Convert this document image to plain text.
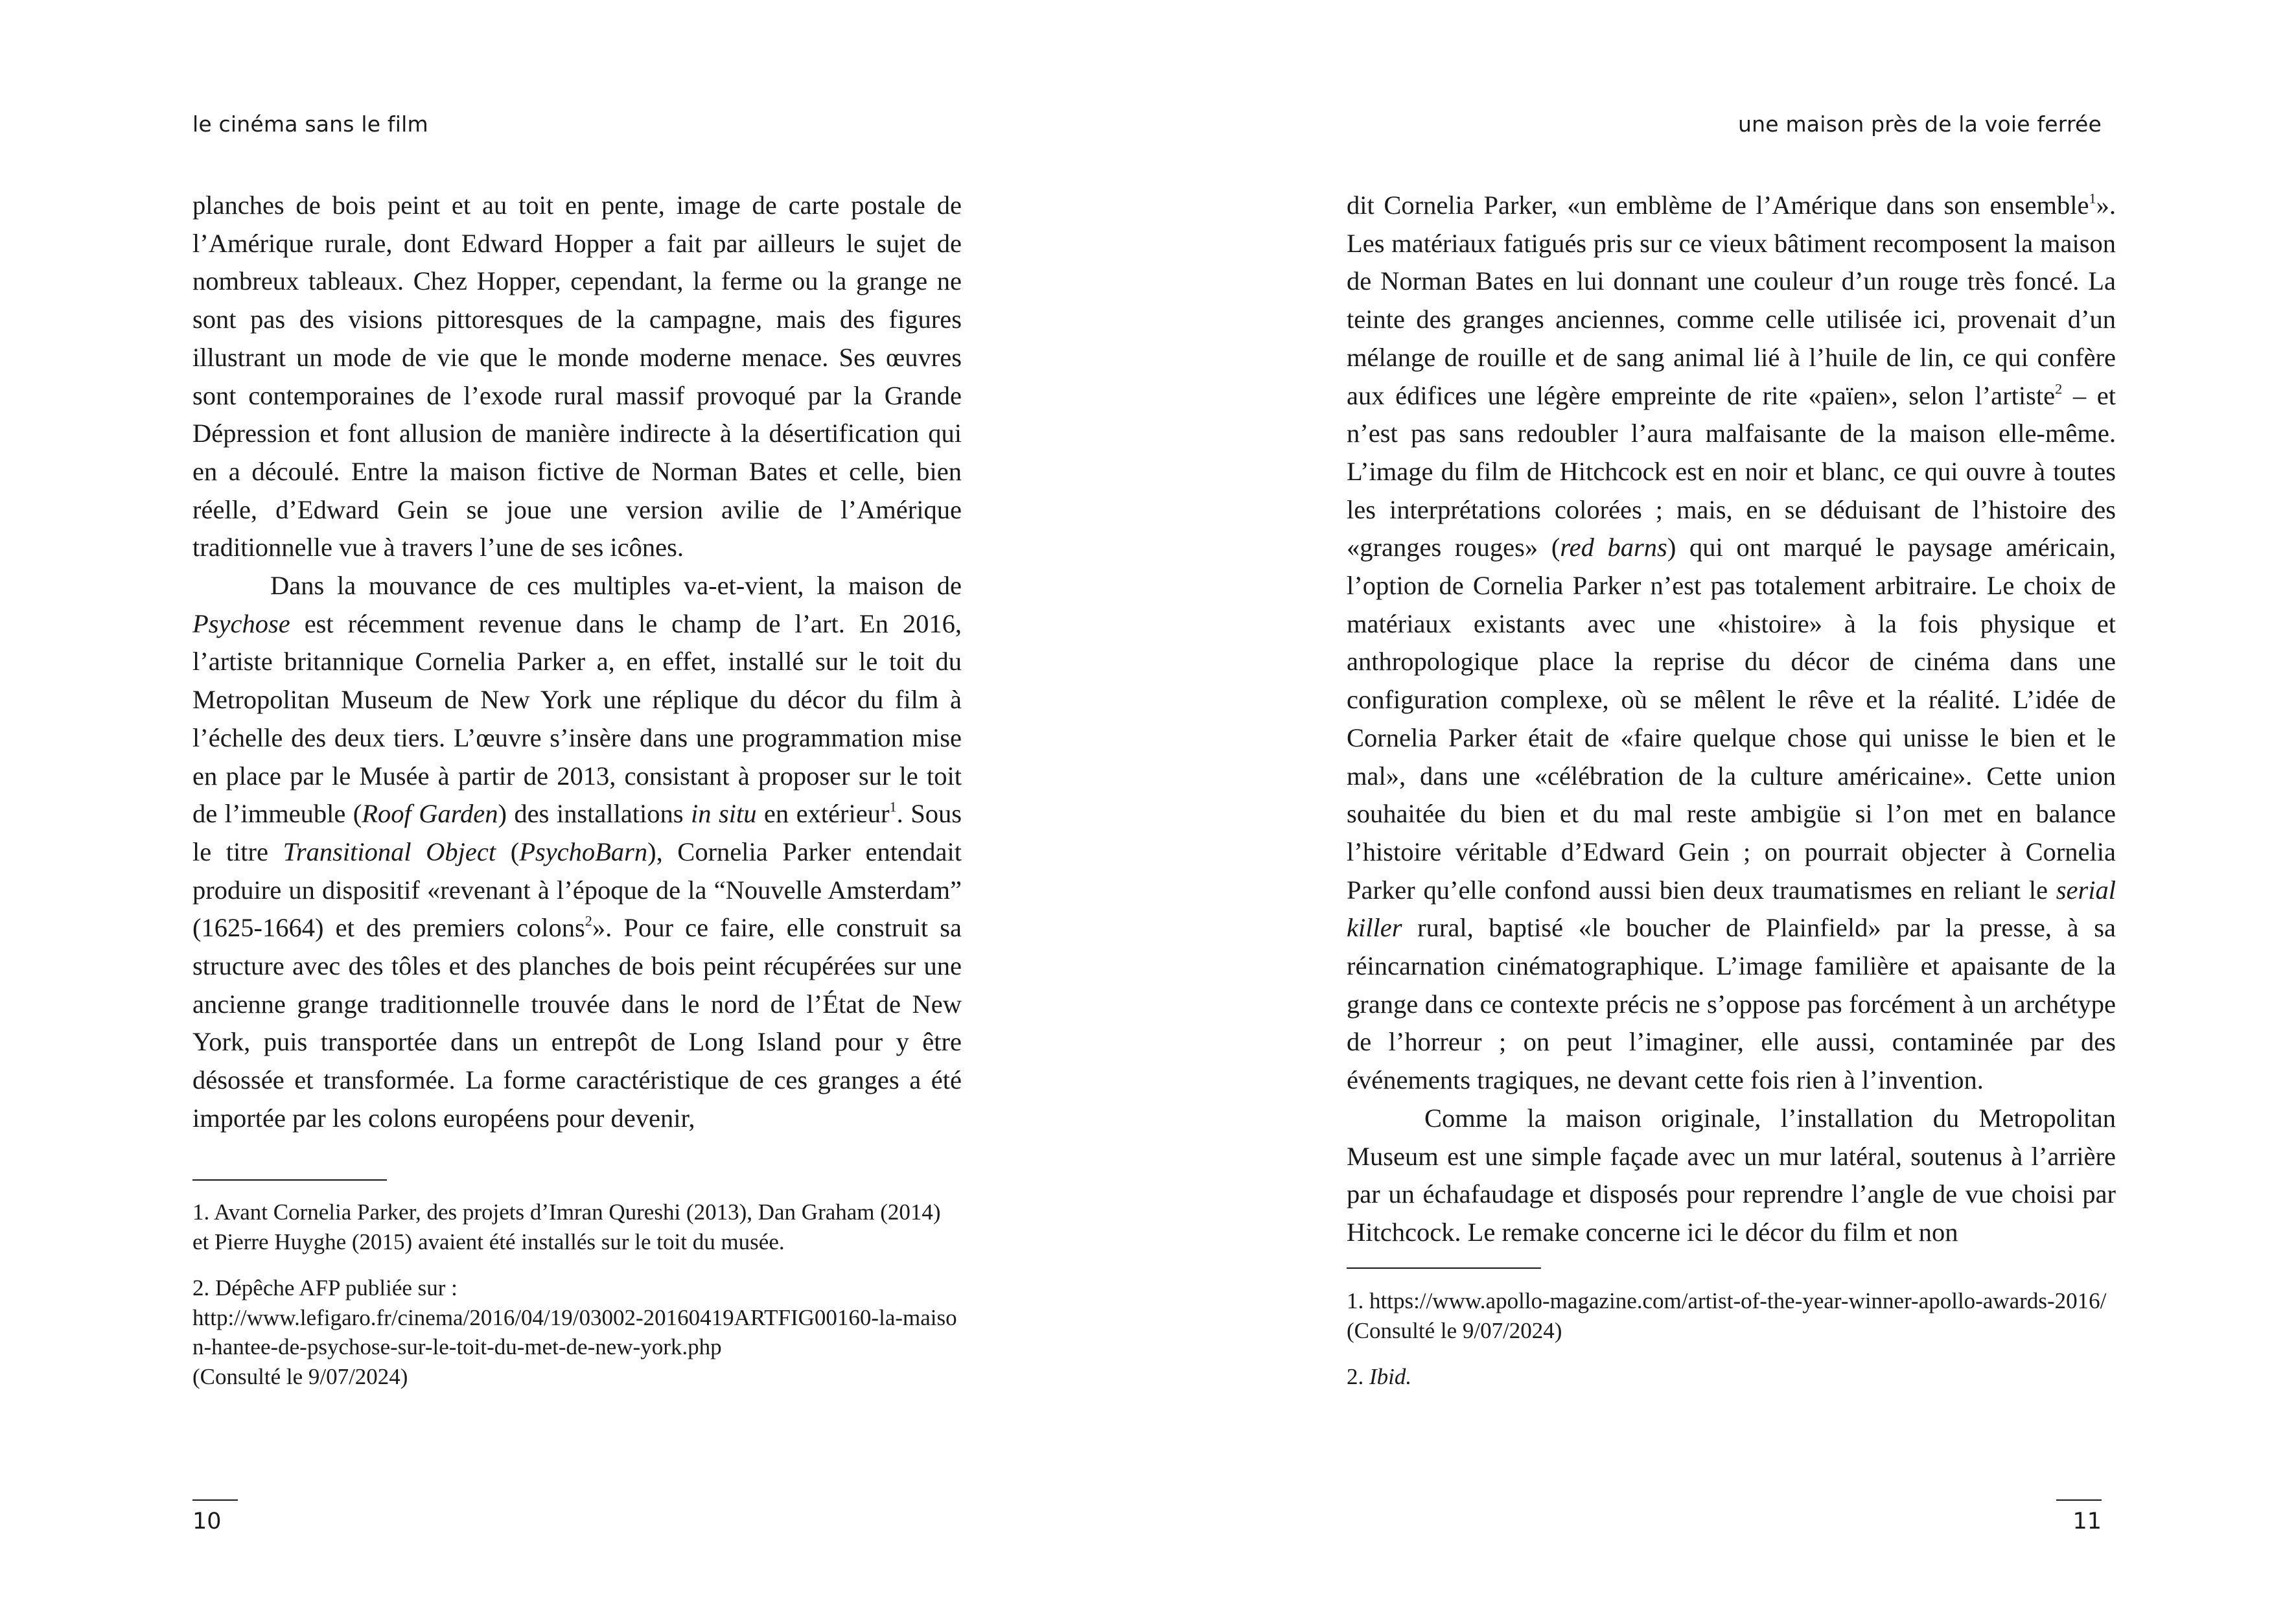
le cinéma sans le film

planches de bois peint et au toit en pente, image de carte postale de l’Amérique rurale, dont Edward Hopper a fait par ailleurs le sujet de nombreux tableaux. Chez Hopper, cependant, la ferme ou la grange ne sont pas des visions pittoresques de la campagne, mais des figures illustrant un mode de vie que le monde moderne menace. Ses œuvres sont contemporaines de l’exode rural massif provoqué par la Grande Dépression et font allusion de manière indirecte à la désertification qui en a découlé. Entre la maison fictive de Norman Bates et celle, bien réelle, d’Edward Gein se joue une version avilie de l’Amérique traditionnelle vue à travers l’une de ses icônes.

Dans la mouvance de ces multiples va-et-vient, la maison de Psychose est récemment revenue dans le champ de l’art. En 2016, l’artiste britannique Cornelia Parker a, en effet, installé sur le toit du Metropolitan Museum de New York une réplique du décor du film à l’échelle des deux tiers. L’œuvre s’insère dans une programmation mise en place par le Musée à partir de 2013, consistant à proposer sur le toit de l’immeuble (Roof Garden) des installations in situ en extérieur$^1$. Sous le titre Transitional Object (PsychoBarn), Cornelia Parker entendait produire un dispositif «revenant à l’époque de la “Nouvelle Amsterdam” (1625-1664) et des premiers colons$^2$». Pour ce faire, elle construit sa structure avec des tôles et des planches de bois peint récupérées sur une ancienne grange traditionnelle trouvée dans le nord de l’État de New York, puis transportée dans un entrepôt de Long Island pour y être désossée et transformée. La forme caractéristique de ces granges a été importée par les colons européens pour devenir,

1. Avant Cornelia Parker, des projets d’Imran Qureshi (2013), Dan Graham (2014) et Pierre Huyghe (2015) avaient été installés sur le toit du musée.

2. Dépêche AFP publiée sur :
http://www.lefigaro.fr/cinema/2016/04/19/03002-20160419ARTFIG00160-la-maison-hantee-de-psychose-sur-le-toit-du-met-de-new-york.php
(Consulté le 9/07/2024)

10
une maison près de la voie ferrée

dit Cornelia Parker, «un emblème de l’Amérique dans son ensemble$^1$». Les matériaux fatigués pris sur ce vieux bâtiment recomposent la maison de Norman Bates en lui donnant une couleur d’un rouge très foncé. La teinte des granges anciennes, comme celle utilisée ici, provenait d’un mélange de rouille et de sang animal lié à l’huile de lin, ce qui confère aux édifices une légère empreinte de rite «païen», selon l’artiste$^2$ – et n’est pas sans redoubler l’aura malfaisante de la maison elle-même. L’image du film de Hitchcock est en noir et blanc, ce qui ouvre à toutes les interprétations colorées ; mais, en se déduisant de l’histoire des «granges rouges» (red barns) qui ont marqué le paysage américain, l’option de Cornelia Parker n’est pas totalement arbitraire. Le choix de matériaux existants avec une «histoire» à la fois physique et anthropologique place la reprise du décor de cinéma dans une configuration complexe, où se mêlent le rêve et la réalité. L’idée de Cornelia Parker était de «faire quelque chose qui unisse le bien et le mal», dans une «célébration de la culture américaine». Cette union souhaitée du bien et du mal reste ambigüe si l’on met en balance l’histoire véritable d’Edward Gein ; on pourrait objecter à Cornelia Parker qu’elle confond aussi bien deux traumatismes en reliant le serial killer rural, baptisé «le boucher de Plainfield» par la presse, à sa réincarnation cinématographique. L’image familière et apaisante de la grange dans ce contexte précis ne s’oppose pas forcément à un archétype de l’horreur ; on peut l’imaginer, elle aussi, contaminée par des événements tragiques, ne devant cette fois rien à l’invention.

Comme la maison originale, l’installation du Metropolitan Museum est une simple façade avec un mur latéral, soutenus à l’arrière par un échafaudage et disposés pour reprendre l’angle de vue choisi par Hitchcock. Le remake concerne ici le décor du film et non

1. https://www.apollo-magazine.com/artist-of-the-year-winner-apollo-awards-2016/ (Consulté le 9/07/2024)

2. Ibid.

11
